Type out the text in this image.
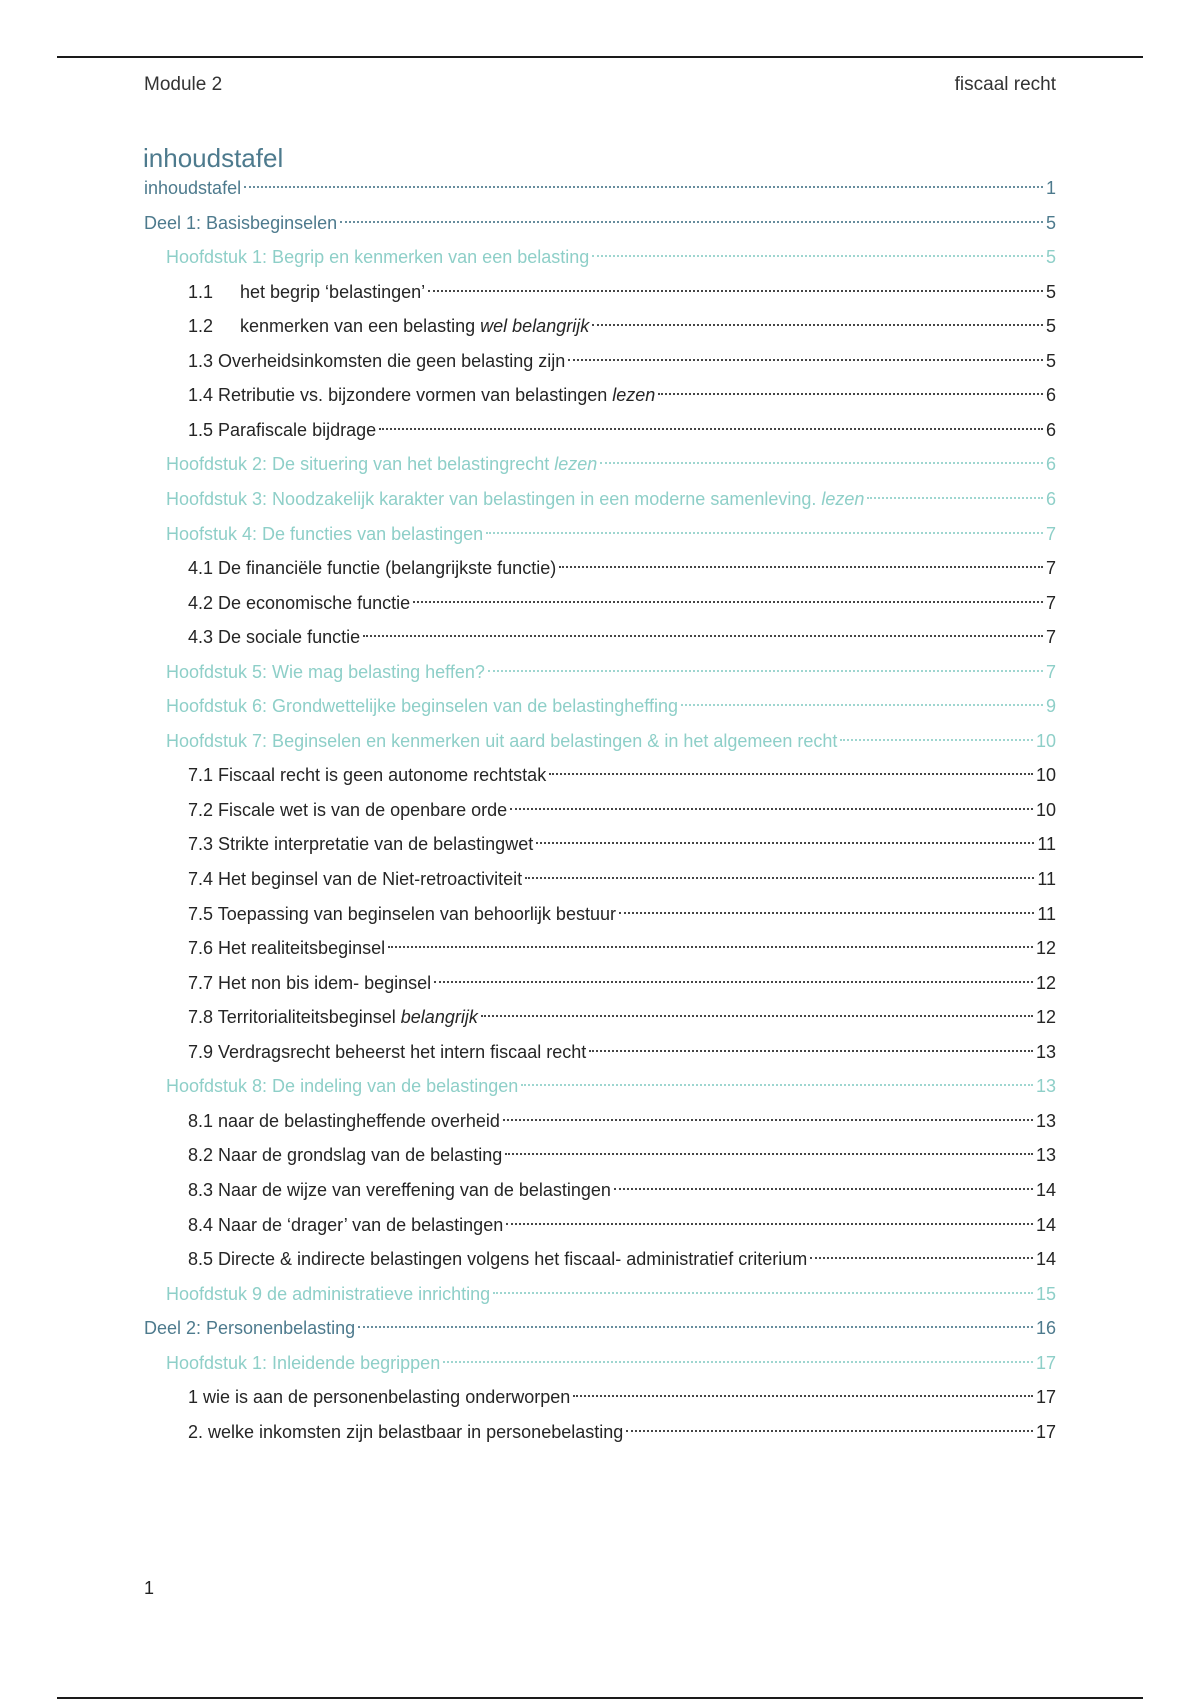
Module 2	fiscaal recht
inhoudstafel
inhoudstafel	1
Deel 1: Basisbeginselen	5
Hoofdstuk 1: Begrip en kenmerken van een belasting	5
1.1	het begrip ‘belastingen’	5
1.2	kenmerken van een belasting wel belangrijk	5
1.3 Overheidsinkomsten die geen belasting zijn	5
1.4 Retributie vs. bijzondere vormen van belastingen lezen	6
1.5 Parafiscale bijdrage	6
Hoofdstuk 2: De situering van het belastingrecht lezen	6
Hoofdstuk 3: Noodzakelijk karakter van belastingen in een moderne samenleving. lezen	6
Hoofstuk 4: De functies van belastingen	7
4.1 De financiële functie (belangrijkste functie)	7
4.2 De economische functie	7
4.3 De sociale functie	7
Hoofdstuk 5: Wie mag belasting heffen?	7
Hoofdstuk 6: Grondwettelijke beginselen van de belastingheffing	9
Hoofdstuk 7: Beginselen en kenmerken uit aard belastingen & in het algemeen recht	10
7.1 Fiscaal recht is geen autonome rechtstak	10
7.2 Fiscale wet is van de openbare orde	10
7.3 Strikte interpretatie van de belastingwet	11
7.4 Het beginsel van de Niet-retroactiviteit	11
7.5 Toepassing van beginselen van behoorlijk bestuur	11
7.6 Het realiteitsbeginsel	12
7.7 Het non bis idem- beginsel	12
7.8 Territorialiteitsbeginsel belangrijk	12
7.9 Verdragsrecht beheerst het intern fiscaal recht	13
Hoofdstuk 8: De indeling van de belastingen	13
8.1 naar de belastingheffende overheid	13
8.2 Naar de grondslag van de belasting	13
8.3 Naar de wijze van vereffening van de belastingen	14
8.4 Naar de ‘drager’ van de belastingen	14
8.5 Directe & indirecte belastingen volgens het fiscaal- administratief criterium	14
Hoofdstuk 9 de administratieve inrichting	15
Deel 2: Personenbelasting	16
Hoofdstuk 1: Inleidende begrippen	17
1 wie is aan de personenbelasting onderworpen	17
2. welke inkomsten zijn belastbaar in personebelasting	17
1
